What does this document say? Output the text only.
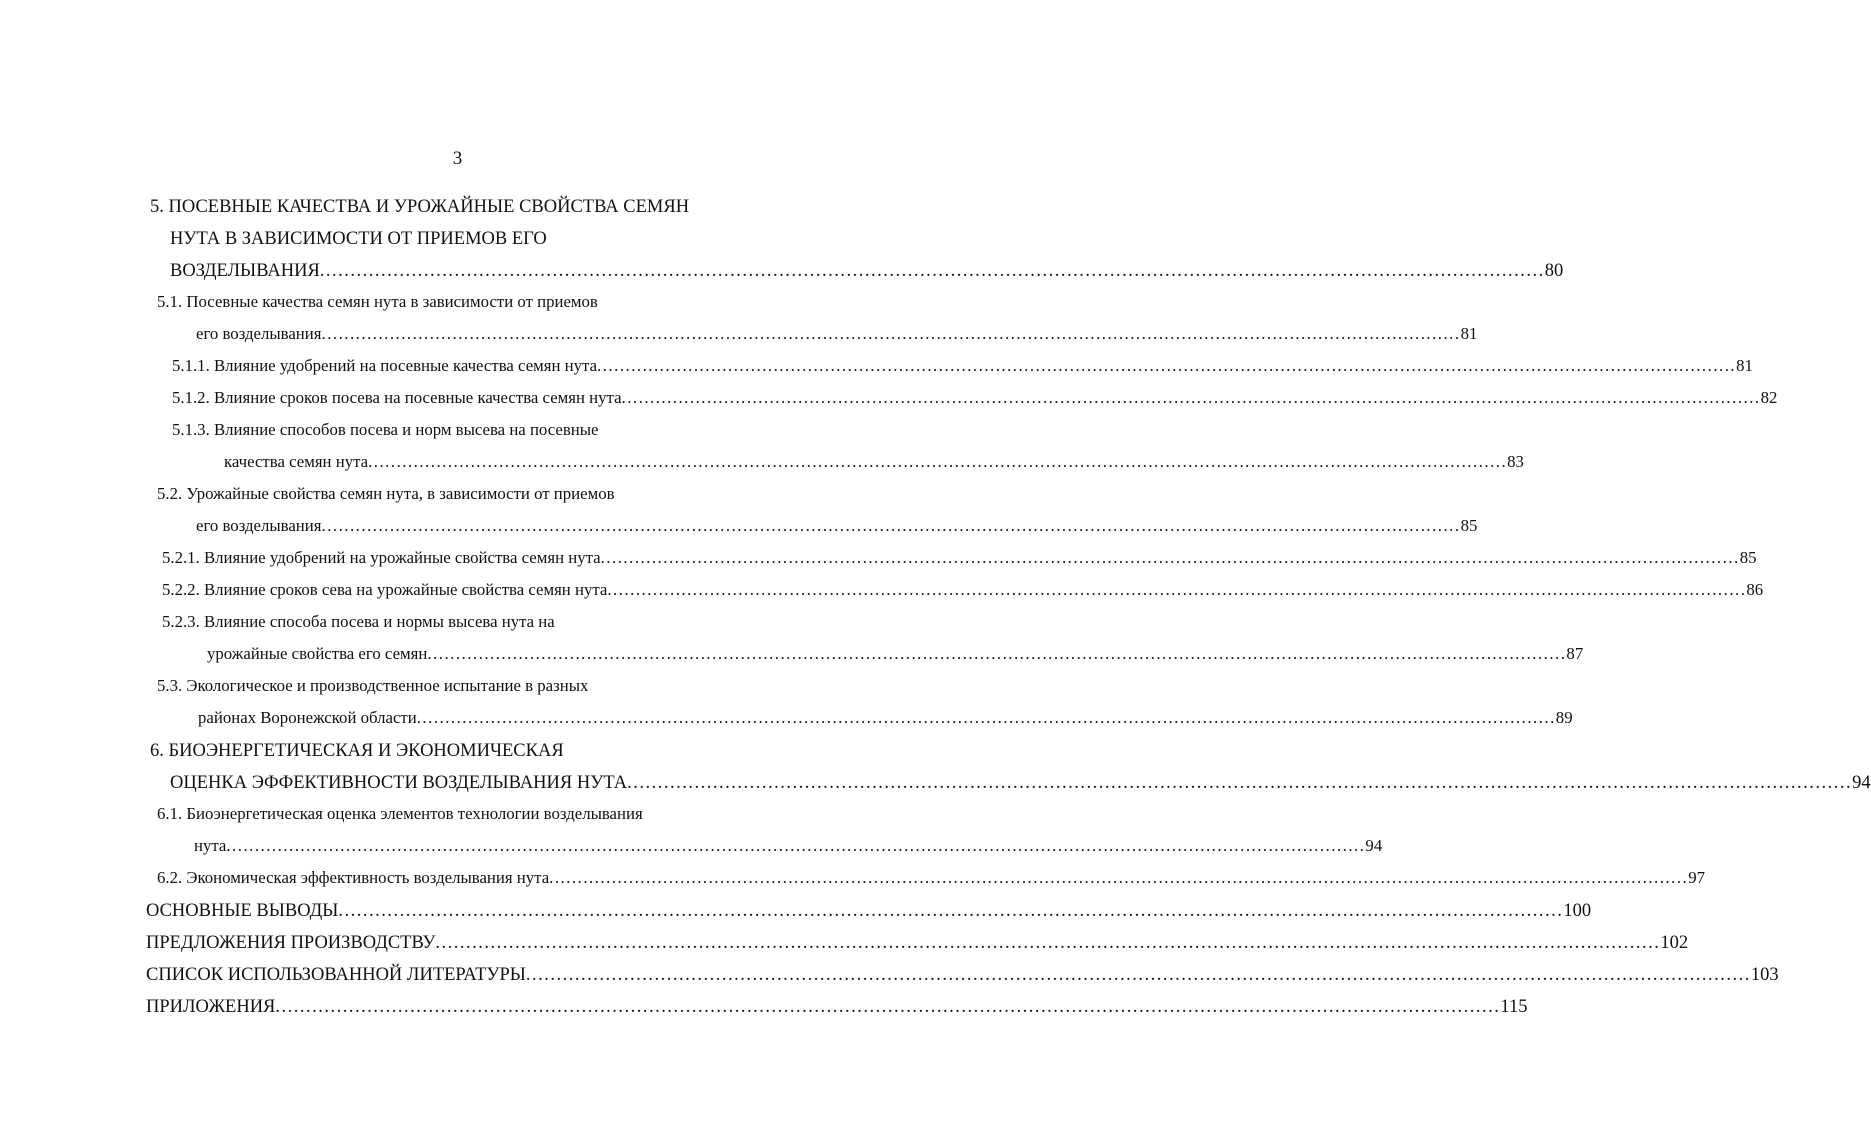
3
5. ПОСЕВНЫЕ КАЧЕСТВА И УРОЖАЙНЫЕ СВОЙСТВА СЕМЯН
НУТА В ЗАВИСИМОСТИ ОТ ПРИЕМОВ ЕГО
ВОЗДЕЛЫВАНИЯ ........................................................................................................................................................................................................ 80
5.1. Посевные качества семян нута в зависимости от приемов
его возделывания ........................................................................................................................................................................................................ 81
5.1.1. Влияние удобрений на посевные качества семян нута ........................................................................................................................................................................................................ 81
5.1.2. Влияние сроков посева на посевные качества семян нута ........................................................................................................................................................................................................ 82
5.1.3. Влияние способов посева и норм высева на посевные
качества семян нута ........................................................................................................................................................................................................ 83
5.2. Урожайные свойства семян нута, в зависимости от приемов
его возделывания ........................................................................................................................................................................................................ 85
5.2.1. Влияние удобрений на урожайные свойства семян нута ........................................................................................................................................................................................................ 85
5.2.2. Влияние сроков сева на урожайные свойства семян нута ........................................................................................................................................................................................................ 86
5.2.3. Влияние способа посева и нормы высева нута на
урожайные свойства его семян ........................................................................................................................................................................................................ 87
5.3. Экологическое и производственное испытание в разных
районах Воронежской области ........................................................................................................................................................................................................ 89
6. БИОЭНЕРГЕТИЧЕСКАЯ И ЭКОНОМИЧЕСКАЯ
ОЦЕНКА ЭФФЕКТИВНОСТИ ВОЗДЕЛЫВАНИЯ НУТА ........................................................................................................................................................................................................ 94
6.1. Биоэнергетическая оценка элементов технологии возделывания
нута ........................................................................................................................................................................................................ 94
6.2. Экономическая эффективность возделывания нута ........................................................................................................................................................................................................ 97
ОСНОВНЫЕ ВЫВОДЫ ........................................................................................................................................................................................................ 100
ПРЕДЛОЖЕНИЯ ПРОИЗВОДСТВУ ........................................................................................................................................................................................................ 102
СПИСОК ИСПОЛЬЗОВАННОЙ ЛИТЕРАТУРЫ ........................................................................................................................................................................................................ 103
ПРИЛОЖЕНИЯ ........................................................................................................................................................................................................ 115
